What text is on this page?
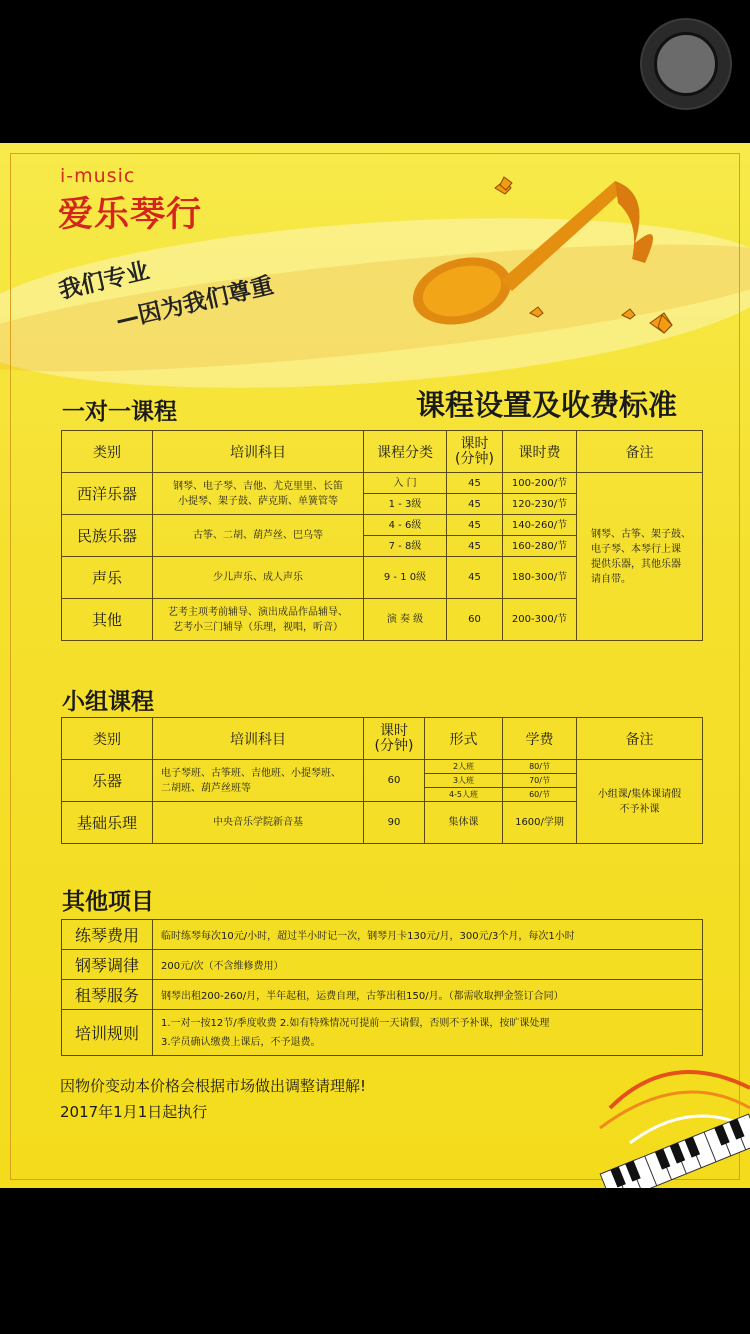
i-music
爱乐琴行
我们专业
—因为我们尊重
一对一课程	课程设置及收费标准
类别	培训科目	课程分类	课时
(分钟)	课时费	备注
西洋乐器	钢琴、电子琴、吉他、尤克里里、长笛
小提琴、架子鼓、萨克斯、单簧管等	入 门	45	100-200/节	钢琴、古筝、架子鼓、
电子琴、本琴行上课
提供乐器，其他乐器
请自带。
		1 - 3级	45	120-230/节	
民族乐器	古筝、二胡、葫芦丝、巴乌等	4 - 6级	45	140-260/节	
		7 - 8级	45	160-280/节	
声乐	少儿声乐、成人声乐	9 - 1 0级	45	180-300/节	
其他	艺考主项考前辅导、演出成品作品辅导、
艺考小三门辅导（乐理，视唱，听音）	演 奏 级	60	200-300/节	
小组课程
类别	培训科目	课时
(分钟)	形式	学费	备注
乐器	电子琴班、古筝班、吉他班、小提琴班、
二胡班、葫芦丝班等	60	2人班	80/节	小组课/集体课请假
不予补课
			3人班	70/节	
			4-5人班	60/节	
基础乐理	中央音乐学院新音基	90	集体课	1600/学期	
其他项目
练琴费用	临时练琴每次10元/小时，超过半小时记一次，钢琴月卡130元/月，300元/3个月，每次1小时
钢琴调律	200元/次（不含维修费用）
租琴服务	钢琴出租200-260/月，半年起租，运费自理，古筝出租150/月。（都需收取押金签订合同）
培训规则	1.一对一按12节/季度收费 2.如有特殊情况可提前一天请假，否则不予补课，按旷课处理
3.学员确认缴费上课后，不予退费。
因物价变动本价格会根据市场做出调整请理解!
2017年1月1日起执行
